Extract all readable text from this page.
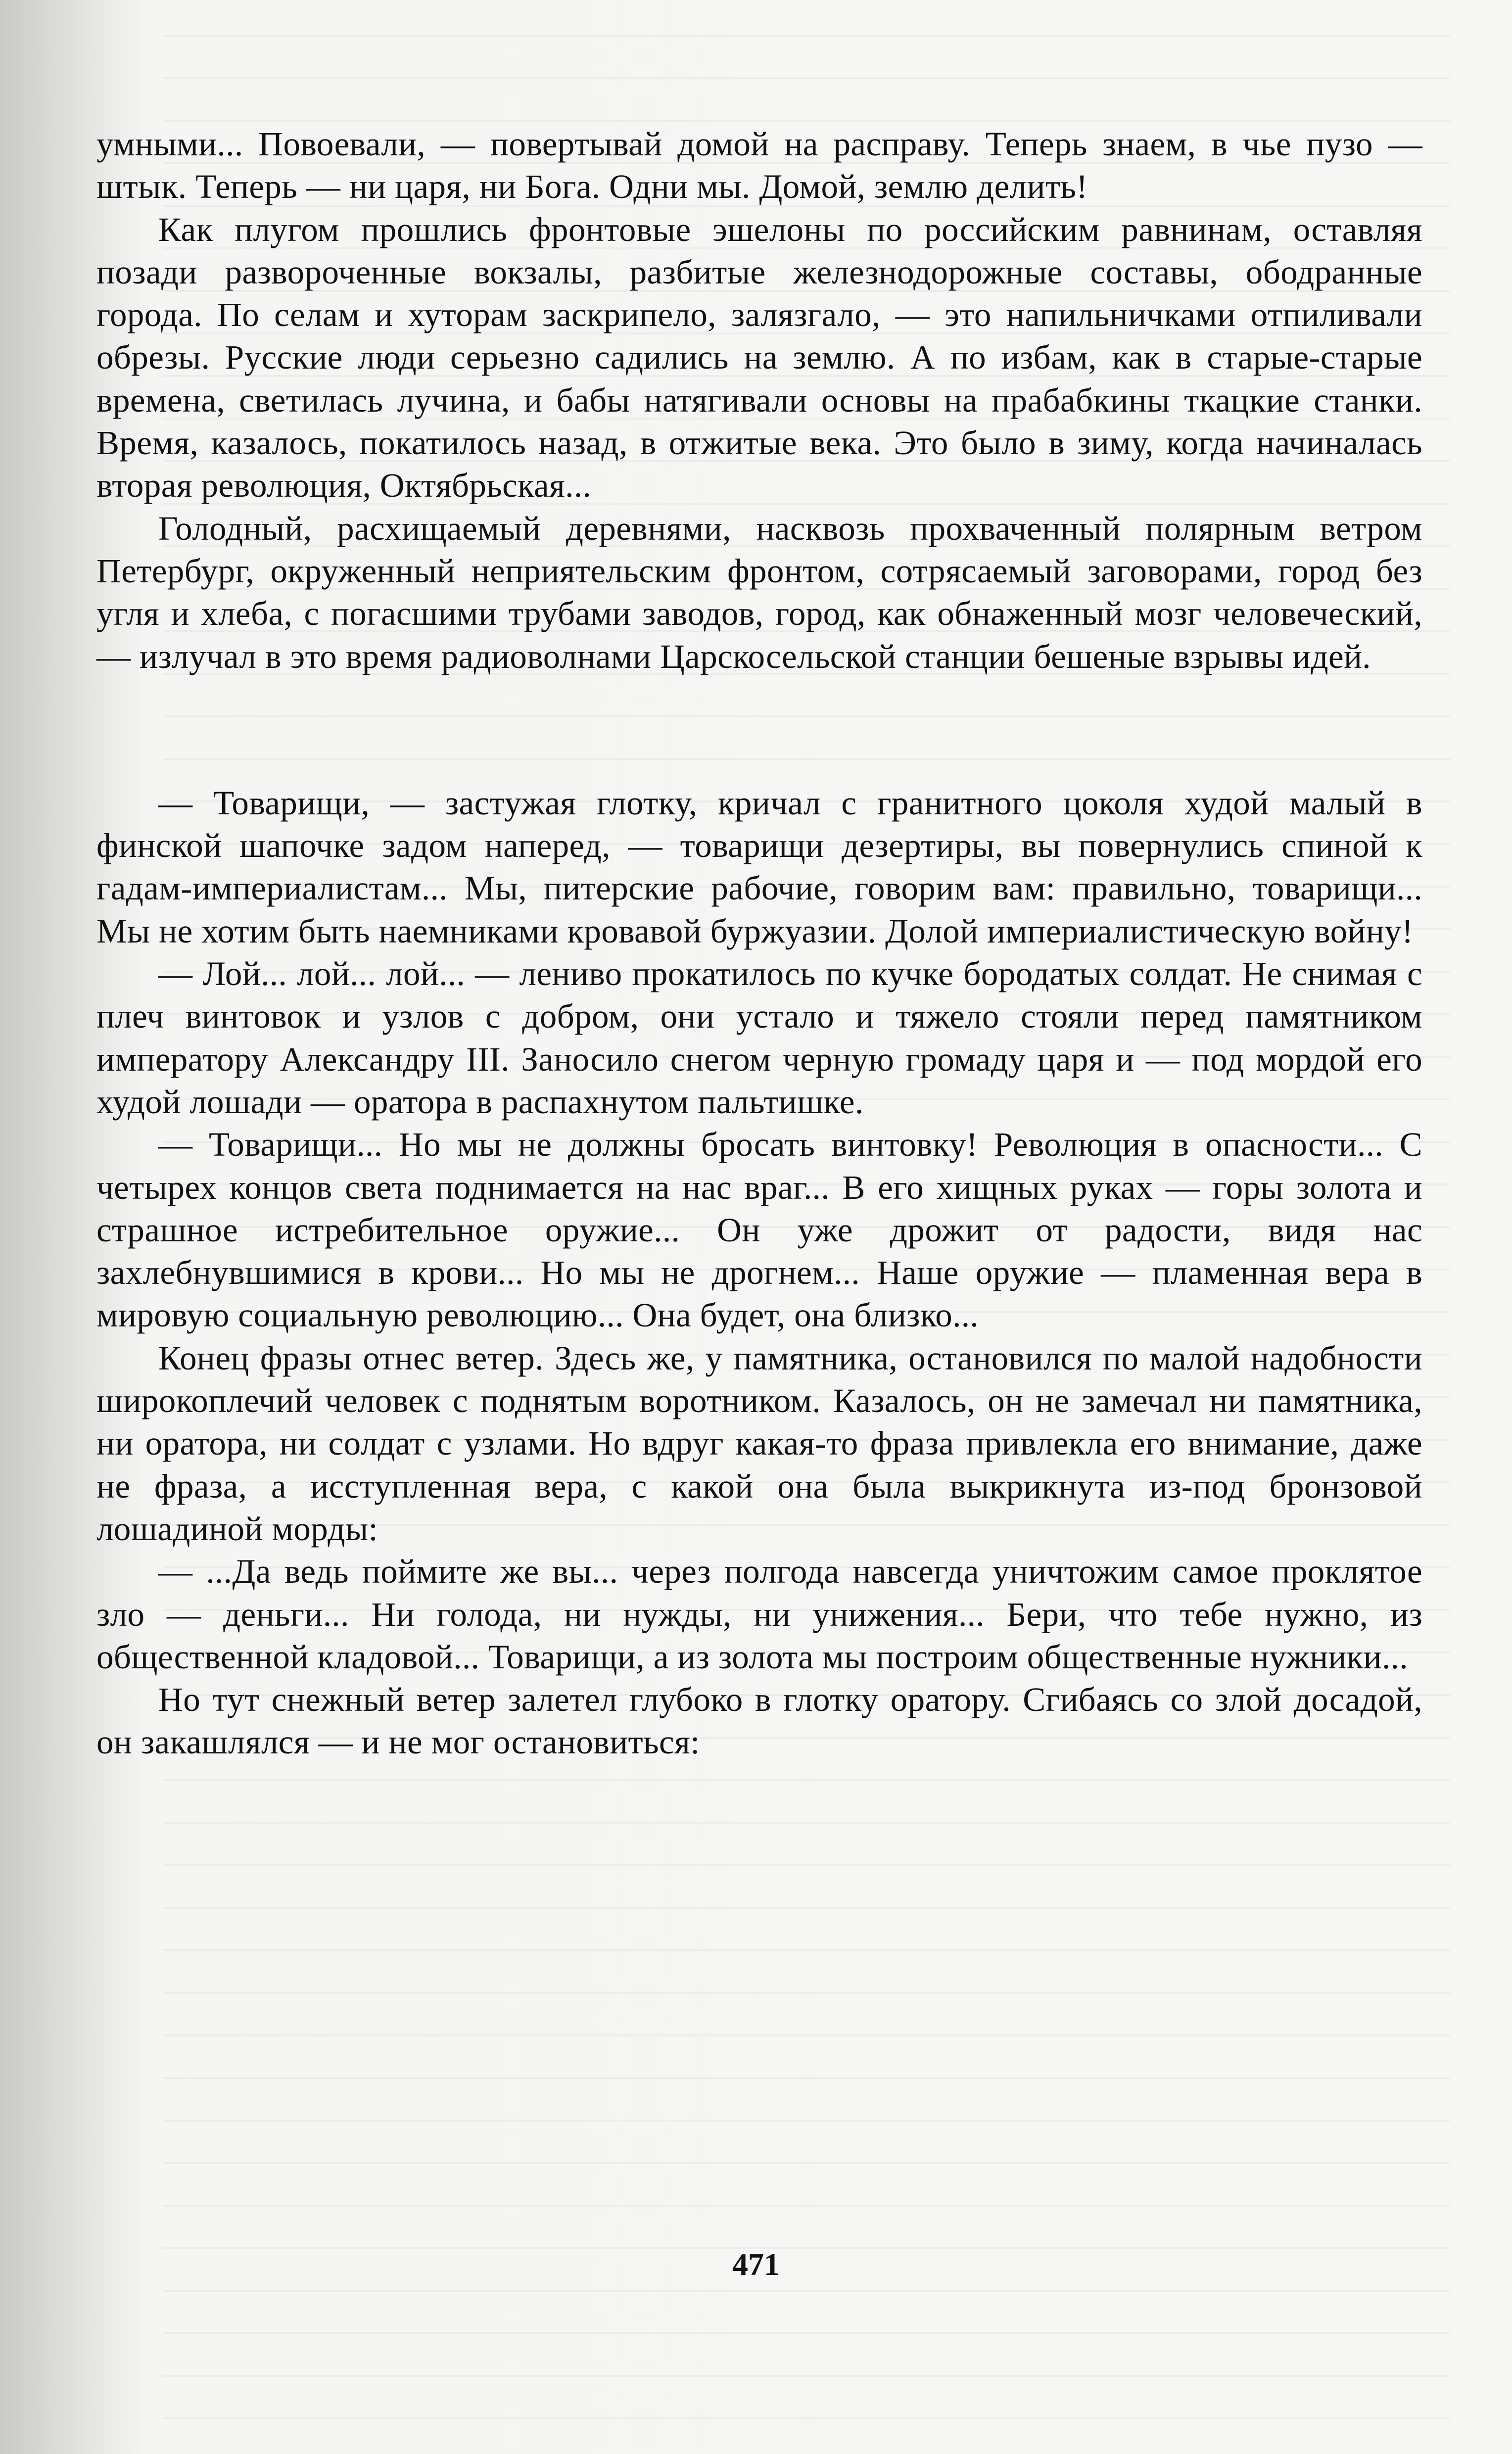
умными... Повоевали, — повертывай домой на расправу. Теперь знаем, в чье пузо — штык. Теперь — ни царя, ни Бога. Одни мы. Домой, землю делить!

Как плугом прошлись фронтовые эшелоны по российским равнинам, оставляя позади развороченные вокзалы, разбитые железнодорожные составы, ободранные города. По селам и хуторам заскрипело, залязгало, — это напильничками отпиливали обрезы. Русские люди серьезно садились на землю. А по избам, как в старые-старые времена, светилась лучина, и бабы натягивали основы на прабабкины ткацкие станки. Время, казалось, покатилось назад, в отжитые века. Это было в зиму, когда начиналась вторая революция, Октябрьская...

Голодный, расхищаемый деревнями, насквозь прохваченный полярным ветром Петербург, окруженный неприятельским фронтом, сотрясаемый заговорами, город без угля и хлеба, с погасшими трубами заводов, город, как обнаженный мозг человеческий, — излучал в это время радиоволнами Царскосельской станции бешеные взрывы идей.

— Товарищи, — застужая глотку, кричал с гранитного цоколя худой малый в финской шапочке задом наперед, — товарищи дезертиры, вы повернулись спиной к гадам-империалистам... Мы, питерские рабочие, говорим вам: правильно, товарищи... Мы не хотим быть наемниками кровавой буржуазии. Долой империалистическую войну!

— Лой... лой... лой... — лениво прокатилось по кучке бородатых солдат. Не снимая с плеч винтовок и узлов с добром, они устало и тяжело стояли перед памятником императору Александру III. Заносило снегом черную громаду царя и — под мордой его худой лошади — оратора в распахнутом пальтишке.

— Товарищи... Но мы не должны бросать винтовку! Революция в опасности... С четырех концов света поднимается на нас враг... В его хищных руках — горы золота и страшное истребительное оружие... Он уже дрожит от радости, видя нас захлебнувшимися в крови... Но мы не дрогнем... Наше оружие — пламенная вера в мировую социальную революцию... Она будет, она близко...

Конец фразы отнес ветер. Здесь же, у памятника, остановился по малой надобности широкоплечий человек с поднятым воротником. Казалось, он не замечал ни памятника, ни оратора, ни солдат с узлами. Но вдруг какая-то фраза привлекла его внимание, даже не фраза, а исступленная вера, с какой она была выкрикнута из-под бронзовой лошадиной морды:

— ...Да ведь поймите же вы... через полгода навсегда уничтожим самое проклятое зло — деньги... Ни голода, ни нужды, ни унижения... Бери, что тебе нужно, из общественной кладовой... Товарищи, а из золота мы построим общественные нужники...

Но тут снежный ветер залетел глубоко в глотку оратору. Сгибаясь со злой досадой, он закашлялся — и не мог остановиться:

471
